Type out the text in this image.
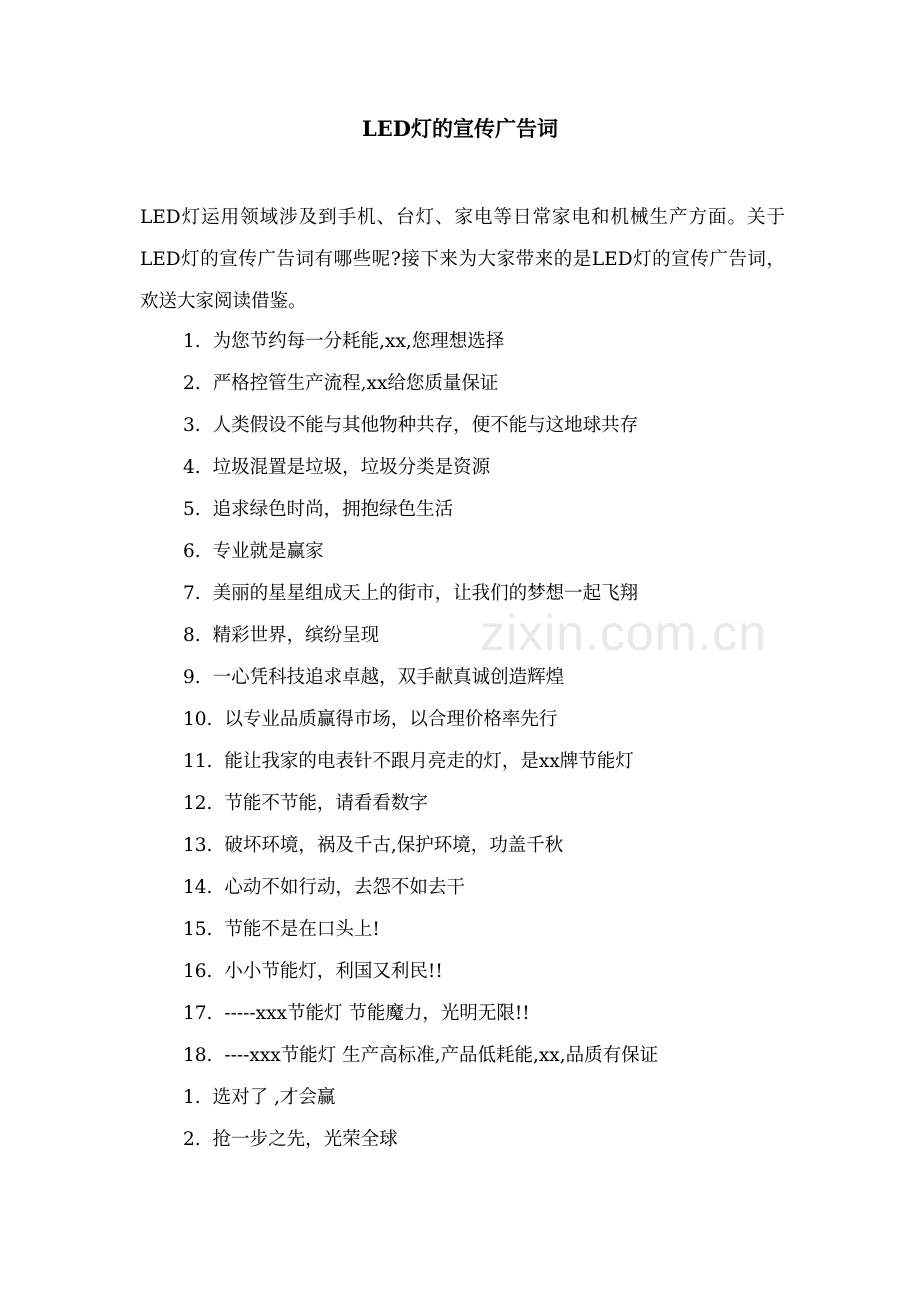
zixin.com.cn
LED灯的宣传广告词

LED灯运用领域涉及到手机、台灯、家电等日常家电和机械生产方面。关于LED灯的宣传广告词有哪些呢?接下来为大家带来的是LED灯的宣传广告词，欢送大家阅读借鉴。

1. 为您节约每一分耗能,xx,您理想选择
2. 严格控管生产流程,xx给您质量保证
3. 人类假设不能与其他物种共存，便不能与这地球共存
4. 垃圾混置是垃圾，垃圾分类是资源
5. 追求绿色时尚，拥抱绿色生活
6. 专业就是赢家
7. 美丽的星星组成天上的街市，让我们的梦想一起飞翔
8. 精彩世界，缤纷呈现
9. 一心凭科技追求卓越，双手献真诚创造辉煌
10. 以专业品质赢得市场，以合理价格率先行
11. 能让我家的电表针不跟月亮走的灯，是xx牌节能灯
12. 节能不节能，请看看数字
13. 破坏环境，祸及千古,保护环境，功盖千秋
14. 心动不如行动，去怨不如去干
15. 节能不是在口头上!
16. 小小节能灯，利国又利民!!
17. -----xxx节能灯 节能魔力，光明无限!!
18. ----xxx节能灯 生产高标准,产品低耗能,xx,品质有保证
1. 选对了 ,才会赢
2. 抢一步之先，光荣全球
